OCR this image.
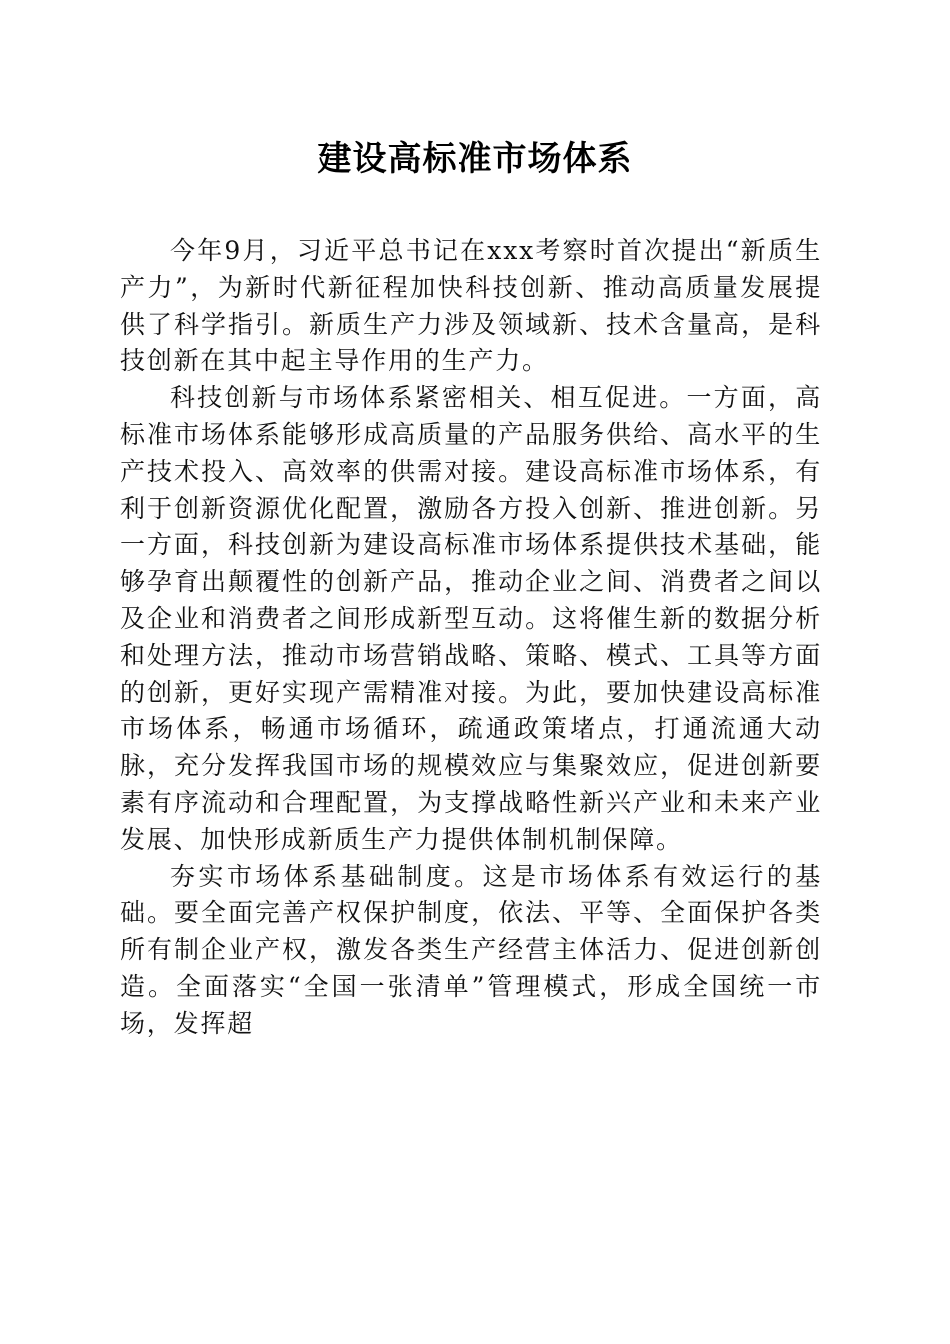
建设高标准市场体系

今年9月，习近平总书记在xxx考察时首次提出“新质生产力”，为新时代新征程加快科技创新、推动高质量发展提供了科学指引。新质生产力涉及领域新、技术含量高，是科技创新在其中起主导作用的生产力。

科技创新与市场体系紧密相关、相互促进。一方面，高标准市场体系能够形成高质量的产品服务供给、高水平的生产技术投入、高效率的供需对接。建设高标准市场体系，有利于创新资源优化配置，激励各方投入创新、推进创新。另一方面，科技创新为建设高标准市场体系提供技术基础，能够孕育出颠覆性的创新产品，推动企业之间、消费者之间以及企业和消费者之间形成新型互动。这将催生新的数据分析和处理方法，推动市场营销战略、策略、模式、工具等方面的创新，更好实现产需精准对接。为此，要加快建设高标准市场体系，畅通市场循环，疏通政策堵点，打通流通大动脉，充分发挥我国市场的规模效应与集聚效应，促进创新要素有序流动和合理配置，为支撑战略性新兴产业和未来产业发展、加快形成新质生产力提供体制机制保障。

夯实市场体系基础制度。这是市场体系有效运行的基础。要全面完善产权保护制度，依法、平等、全面保护各类所有制企业产权，激发各类生产经营主体活力、促进创新创造。全面落实“全国一张清单”管理模式，形成全国统一市场，发挥超
